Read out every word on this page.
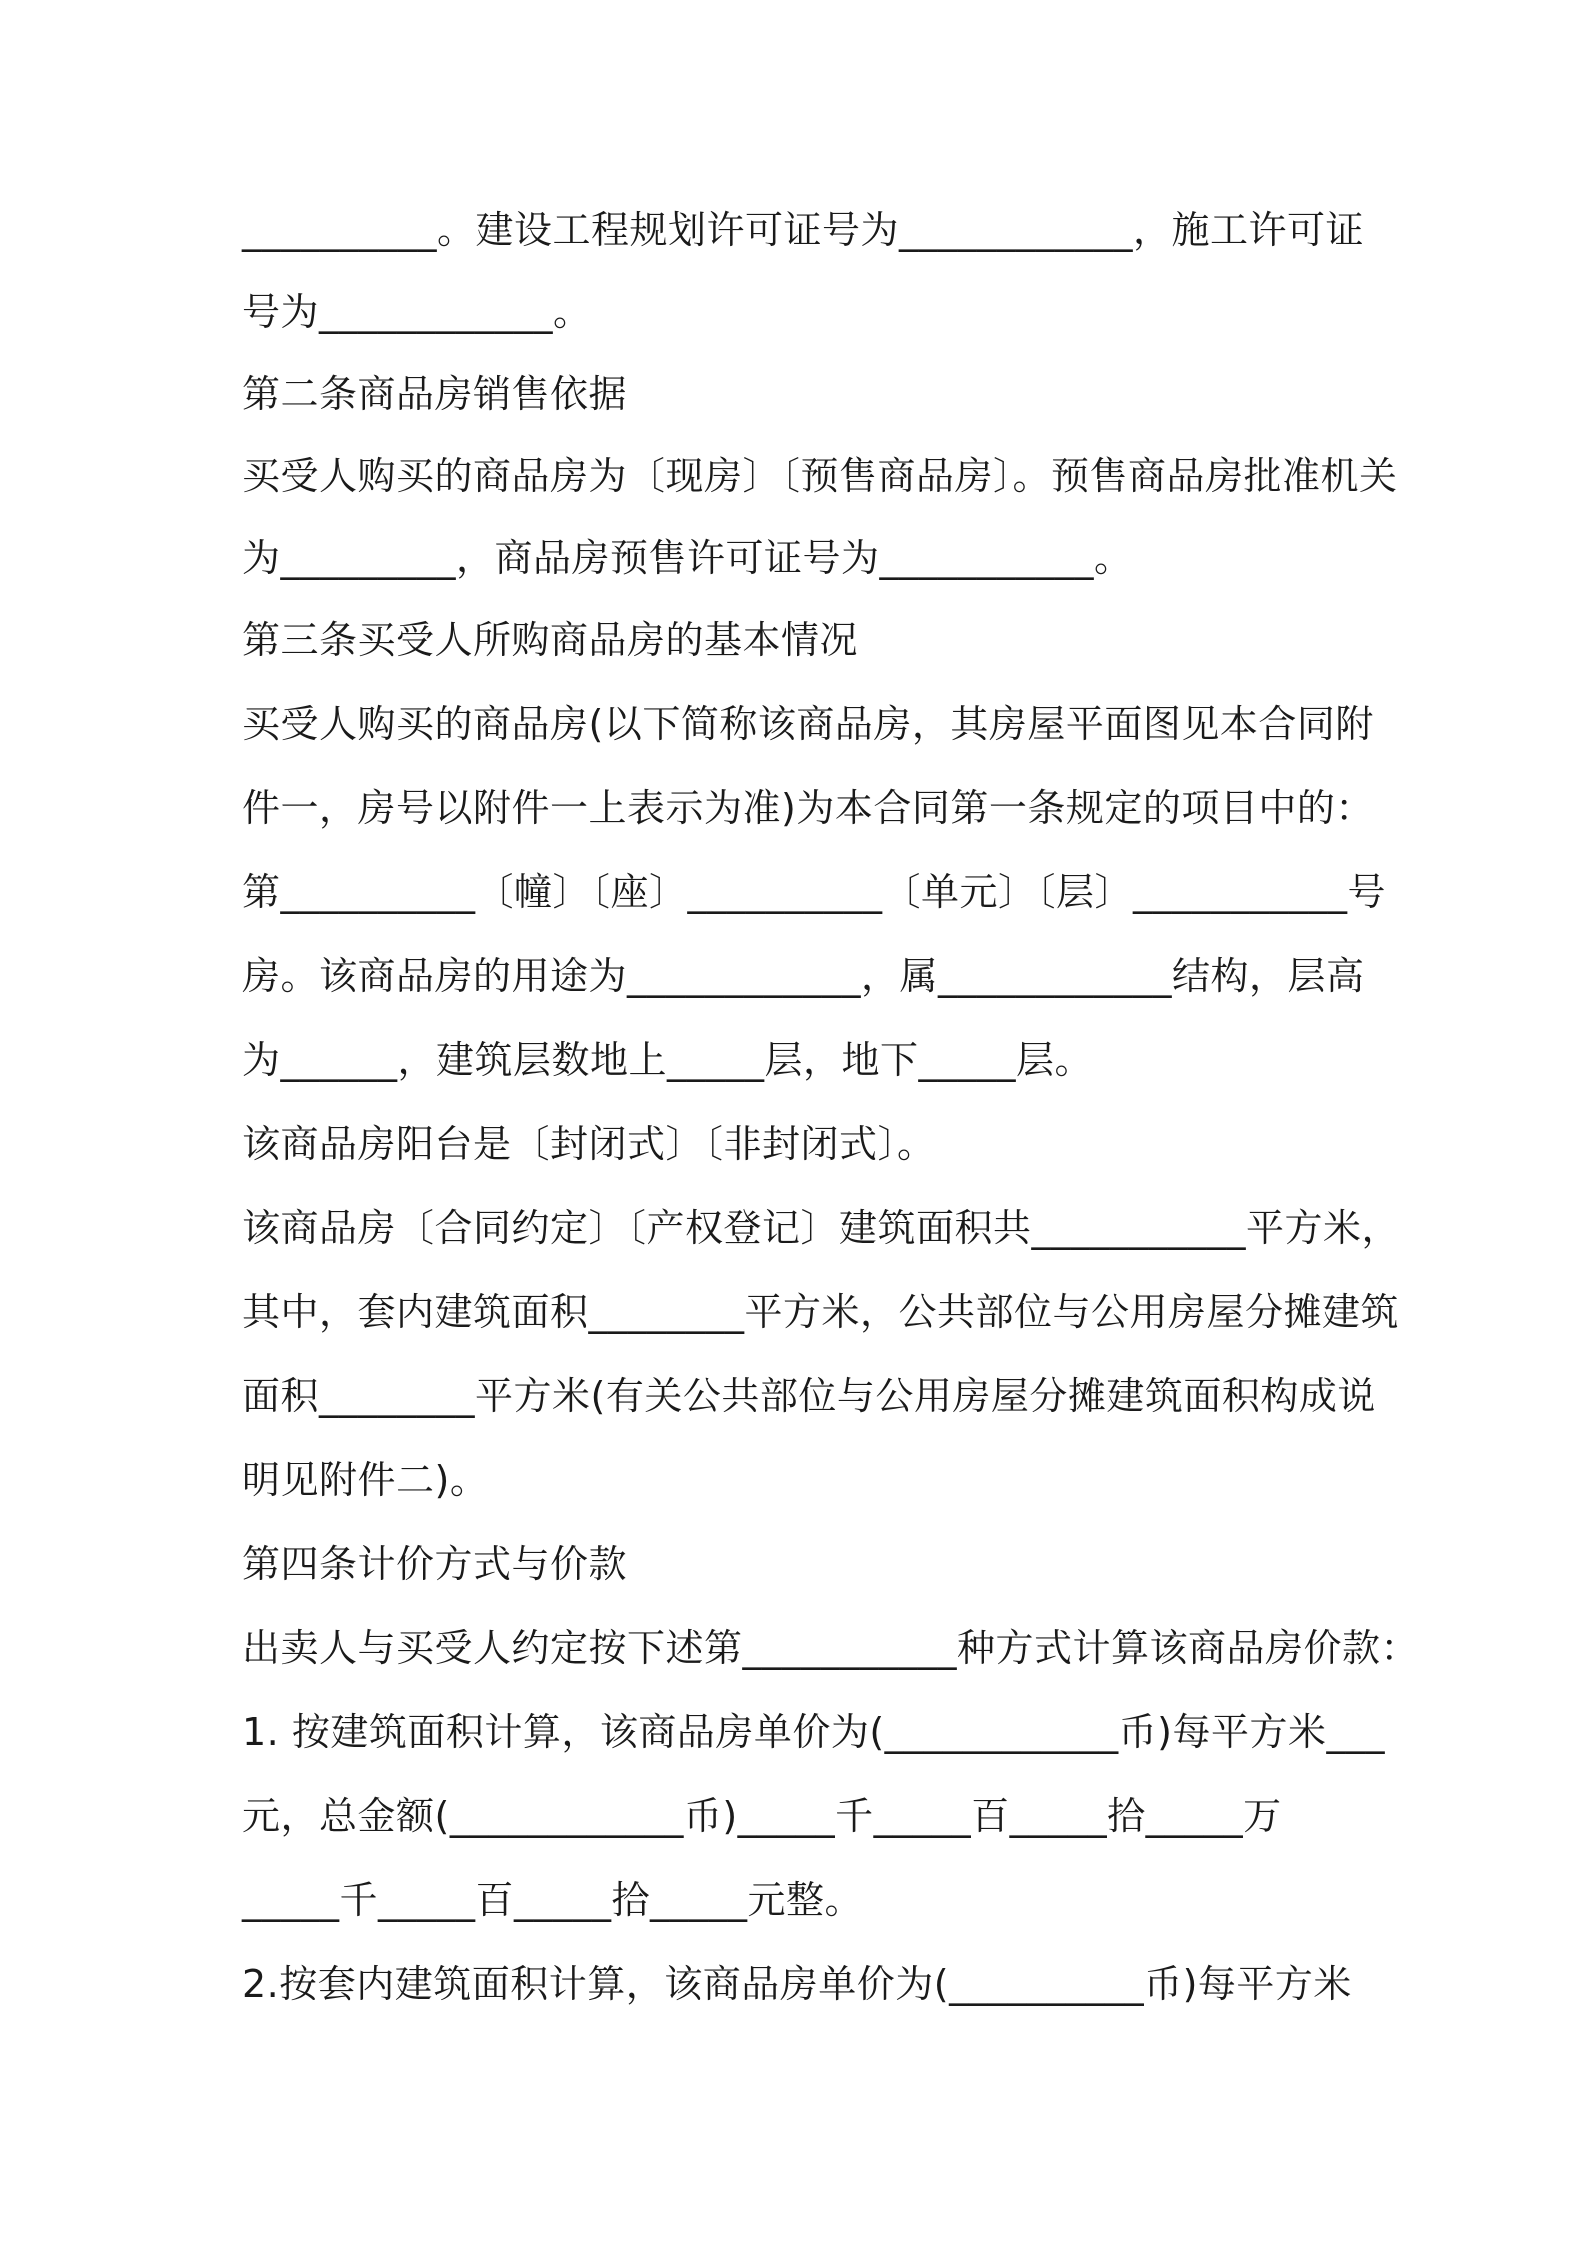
__________。建设工程规划许可证号为____________，施工许可证
号为____________。
第二条商品房销售依据
买受人购买的商品房为〔现房〕〔预售商品房〕。预售商品房批准机关
为_________，商品房预售许可证号为___________。
第三条买受人所购商品房的基本情况
买受人购买的商品房(以下简称该商品房，其房屋平面图见本合同附
件一，房号以附件一上表示为准)为本合同第一条规定的项目中的：
第__________〔幢〕〔座〕__________〔单元〕〔层〕___________号
房。该商品房的用途为____________，属____________结构，层高
为______，建筑层数地上_____层，地下_____层。
该商品房阳台是〔封闭式〕〔非封闭式〕。
该商品房〔合同约定〕〔产权登记〕建筑面积共___________平方米，
其中，套内建筑面积________平方米，公共部位与公用房屋分摊建筑
面积________平方米(有关公共部位与公用房屋分摊建筑面积构成说
明见附件二)。
第四条计价方式与价款
出卖人与买受人约定按下述第___________种方式计算该商品房价款：
1. 按建筑面积计算，该商品房单价为(____________币)每平方米___
元，总金额(____________币)_____千_____百_____拾_____万
_____千_____百_____拾_____元整。
2.按套内建筑面积计算，该商品房单价为(__________币)每平方米
